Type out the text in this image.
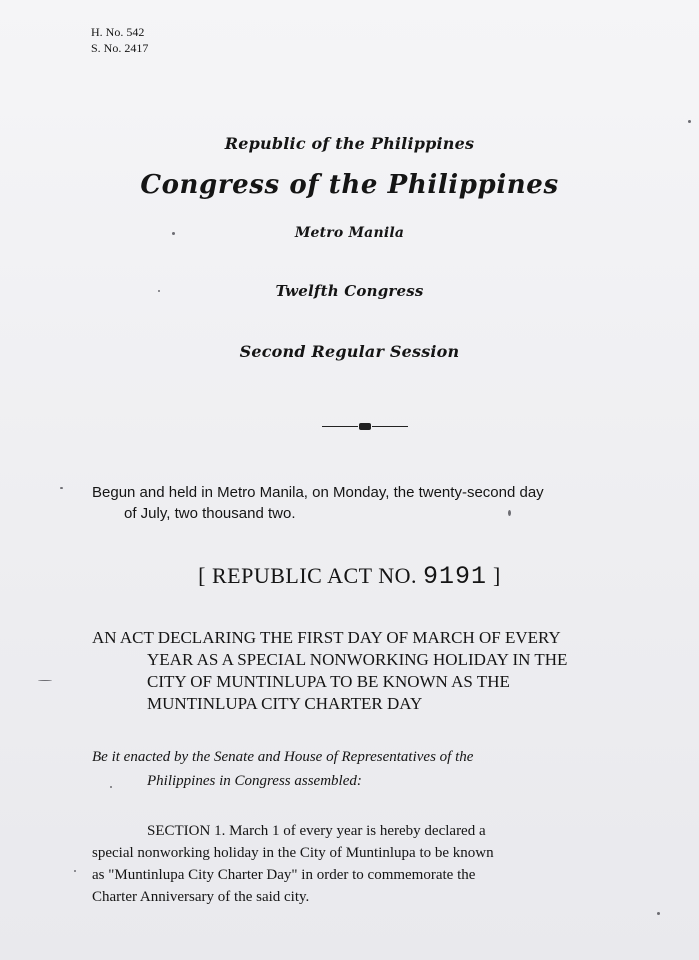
H. No. 542
S. No. 2417
Republic of the Philippines
Congress of the Philippines
Metro Manila
Twelfth Congress
Second Regular Session
Begun and held in Metro Manila, on Monday, the twenty-second day
of July, two thousand two.
[ REPUBLIC ACT NO. 9191 ]
AN ACT DECLARING THE FIRST DAY OF MARCH OF EVERY
YEAR AS A SPECIAL NONWORKING HOLIDAY IN THE
CITY OF MUNTINLUPA TO BE KNOWN AS THE
MUNTINLUPA CITY CHARTER DAY
Be it enacted by the Senate and House of Representatives of the
Philippines in Congress assembled:
SECTION 1. March 1 of every year is hereby declared a
special nonworking holiday in the City of Muntinlupa to be known
as "Muntinlupa City Charter Day" in order to commemorate the
Charter Anniversary of the said city.
